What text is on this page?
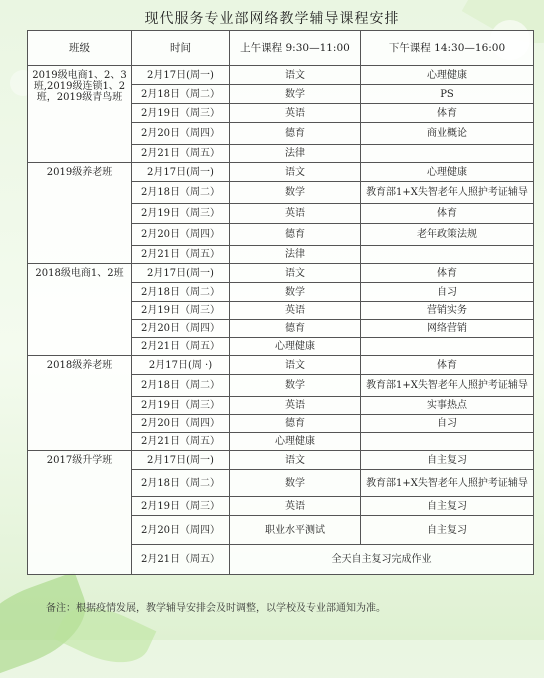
现代服务专业部网络教学辅导课程安排
班级	时间	上午课程 9:30—11:00	下午课程 14:30—16:00

2019级电商1、2、3班,2019级连锁1、2班，2019级青鸟班	2月17日(周一)	语文	心理健康
	2月18日（周二）	数学	PS
	2月19日（周三）	英语	体育
	2月20日（周四）	德育	商业概论
	2月21日（周五）	法律	

2019级养老班	2月17日(周一)	语文	心理健康
	2月18日（周二）	数学	教育部1+X失智老年人照护考证辅导
	2月19日（周三）	英语	体育
	2月20日（周四）	德育	老年政策法规
	2月21日（周五）	法律	

2018级电商1、2班	2月17日(周一)	语文	体育
	2月18日（周二）	数学	自习
	2月19日（周三）	英语	营销实务
	2月20日（周四）	德育	网络营销
	2月21日（周五）	心理健康	

2018级养老班	2月17日(周 ·)	语文	体育
	2月18日（周二）	数学	教育部1+X失智老年人照护考证辅导
	2月19日（周三）	英语	实事热点
	2月20日（周四）	德育	自习
	2月21日（周五）	心理健康	

2017级升学班	2月17日(周一)	语文	自主复习
	2月18日（周二）	数学	教育部1+X失智老年人照护考证辅导
	2月19日（周三）	英语	自主复习
	2月20日（周四）	职业水平测试	自主复习
	2月21日（周五）	全天自主复习完成作业	
备注：根据疫情发展，教学辅导安排会及时调整，以学校及专业部通知为准。
